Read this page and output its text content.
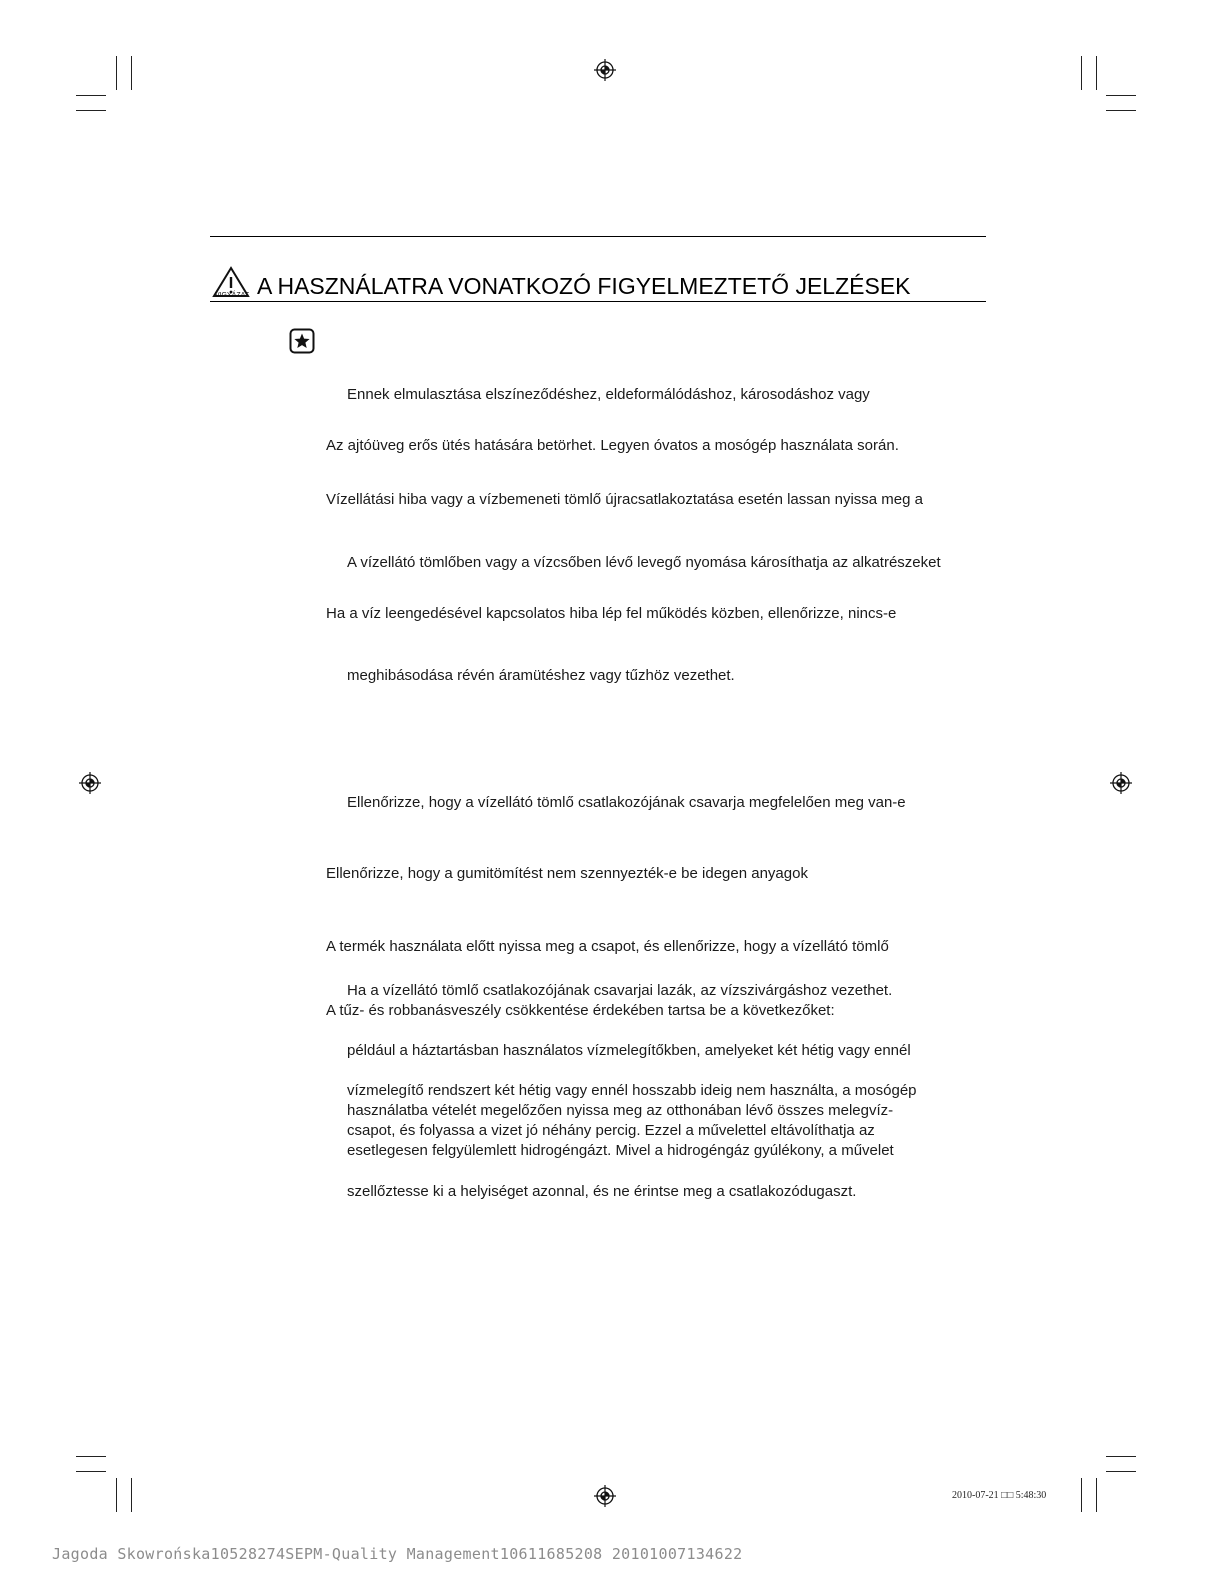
VIGYÁZAT A HASZNÁLATRA VONATKOZÓ FIGYELMEZTETŐ JELZÉSEK
Ennek elmulasztása elszíneződéshez, eldeformálódáshoz, károsodáshoz vagy
Az ajtóüveg erős ütés hatására betörhet. Legyen óvatos a mosógép használata során.
Vízellátási hiba vagy a vízbemeneti tömlő újracsatlakoztatása esetén lassan nyissa meg a
A vízellátó tömlőben vagy a vízcsőben lévő levegő nyomása károsíthatja az alkatrészeket
Ha a víz leengedésével kapcsolatos hiba lép fel működés közben, ellenőrizze, nincs-e
meghibásodása révén áramütéshez vagy tűzhöz vezethet.
Ellenőrizze, hogy a vízellátó tömlő csatlakozójának csavarja megfelelően meg van-e
Ellenőrizze, hogy a gumitömítést nem szennyezték-e be idegen anyagok
A termék használata előtt nyissa meg a csapot, és ellenőrizze, hogy a vízellátó tömlő
Ha a vízellátó tömlő csatlakozójának csavarjai lazák, az vízszivárgáshoz vezethet.
A tűz- és robbanásveszély csökkentése érdekében tartsa be a következőket:
például a háztartásban használatos vízmelegítőkben, amelyeket két hétig vagy ennél
vízmelegítő rendszert két hétig vagy ennél hosszabb ideig nem használta, a mosógép
használatba vételét megelőzően nyissa meg az otthonában lévő összes melegvíz-
csapot, és folyassa a vizet jó néhány percig. Ezzel a művelettel eltávolíthatja az
esetlegesen felgyülemlett hidrogéngázt. Mivel a hidrogéngáz gyúlékony, a művelet
szellőztesse ki a helyiséget azonnal, és ne érintse meg a csatlakozódugaszt.
2010-07-21 □□ 5:48:30
Jagoda Skowrońska10528274SEPM-Quality Management10611685208 20101007134622
